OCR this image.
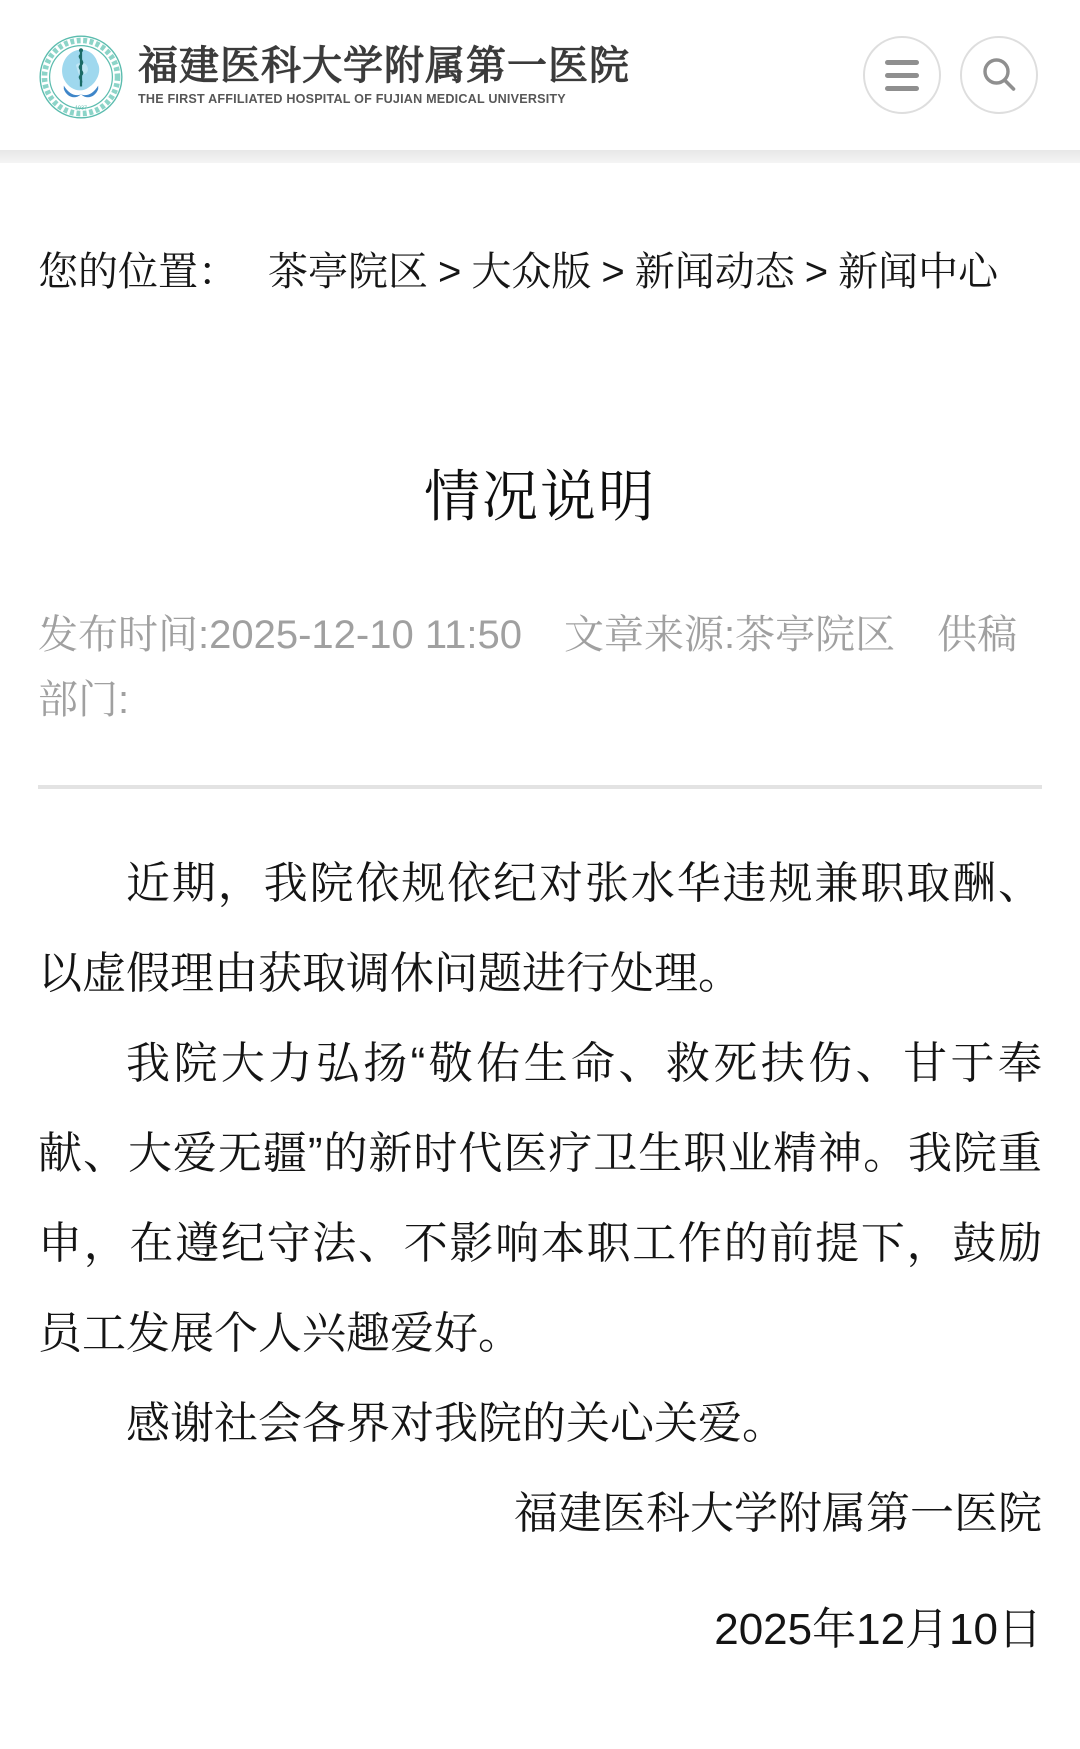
1937
福建医科大学附属第一医院
THE FIRST AFFILIATED HOSPITAL OF FUJIAN MEDICAL UNIVERSITY
您的位置： 茶亭院区 > 大众版 > 新闻动态 > 新闻中心
情况说明
发布时间:2025-12-10 11:50 文章来源:茶亭院区 供稿部门:

近期，我院依规依纪对张水华违规兼职取酬、以虚假理由获取调休问题进行处理。

我院大力弘扬“敬佑生命、救死扶伤、甘于奉献、大爱无疆”的新时代医疗卫生职业精神。我院重申，在遵纪守法、不影响本职工作的前提下，鼓励员工发展个人兴趣爱好。

感谢社会各界对我院的关心关爱。

福建医科大学附属第一医院

2025年12月10日
